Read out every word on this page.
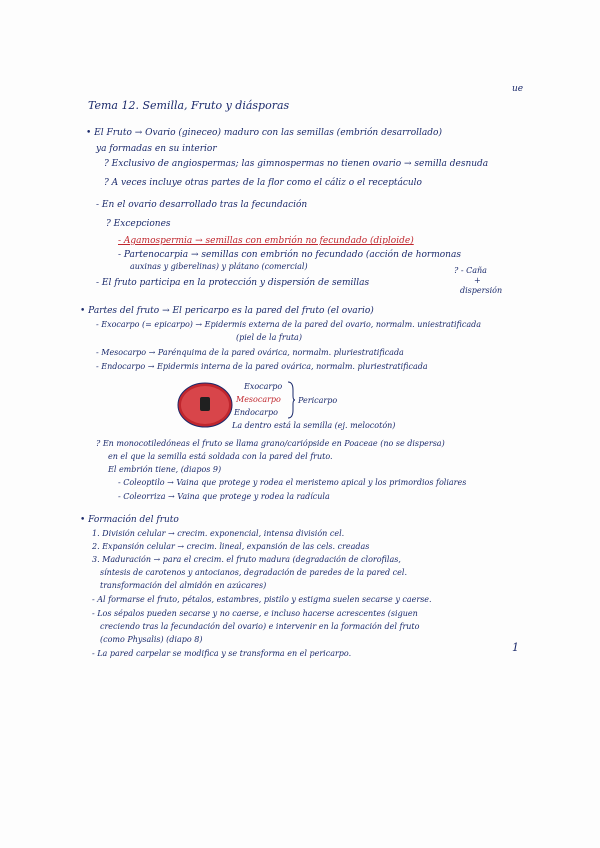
ue
Tema 12. Semilla, Fruto y diásporas
• El Fruto → Ovario (gineceo) maduro con las semillas (embrión desarrollado)
ya formadas en su interior
? Exclusivo de angiospermas; las gimnospermas no tienen ovario → semilla desnuda
? A veces incluye otras partes de la flor como el cáliz o el receptáculo
- En el ovario desarrollado tras la fecundación
? Excepciones
- Agamospermia → semillas con embrión no fecundado (diploide)
- Partenocarpia → semillas con embrión no fecundado (acción de hormonas
auxinas y giberelinas) y plátano (comercial)	? - Caña
+
dispersión
- El fruto participa en la protección y dispersión de semillas
• Partes del fruto → El pericarpo es la pared del fruto (el ovario)
- Exocarpo (= epicarpo) → Epidermis externa de la pared del ovario, normalm. uniestratificada
(piel de la fruta)
- Mesocarpo → Parénquima de la pared ovárica, normalm. pluriestratificada
- Endocarpo → Epidermis interna de la pared ovárica, normalm. pluriestratificada
Exocarpo
Mesocarpo
Endocarpo
Pericarpo
La dentro está la semilla (ej. melocotón)
? En monocotiledóneas el fruto se llama grano/cariópside en Poaceae (no se dispersa)
en el que la semilla está soldada con la pared del fruto.
El embrión tiene, (diapos 9)
- Coleoptilo → Vaina que protege y rodea el meristemo apical y los primordios foliares
- Coleorriza → Vaina que protege y rodea la radícula
• Formación del fruto
1. División celular → crecim. exponencial, intensa división cel.
2. Expansión celular → crecim. lineal, expansión de las cels. creadas
3. Maduración → para el crecim. el fruto madura (degradación de clorofilas,
síntesis de carotenos y antocianos, degradación de paredes de la pared cel.
transformación del almidón en azúcares)
- Al formarse el fruto, pétalos, estambres, pistilo y estigma suelen secarse y caerse.
- Los sépalos pueden secarse y no caerse, e incluso hacerse acrescentes (siguen
creciendo tras la fecundación del ovario) e intervenir en la formación del fruto
(como Physalis) (diapo 8)
- La pared carpelar se modifica y se transforma en el pericarpo.	1
